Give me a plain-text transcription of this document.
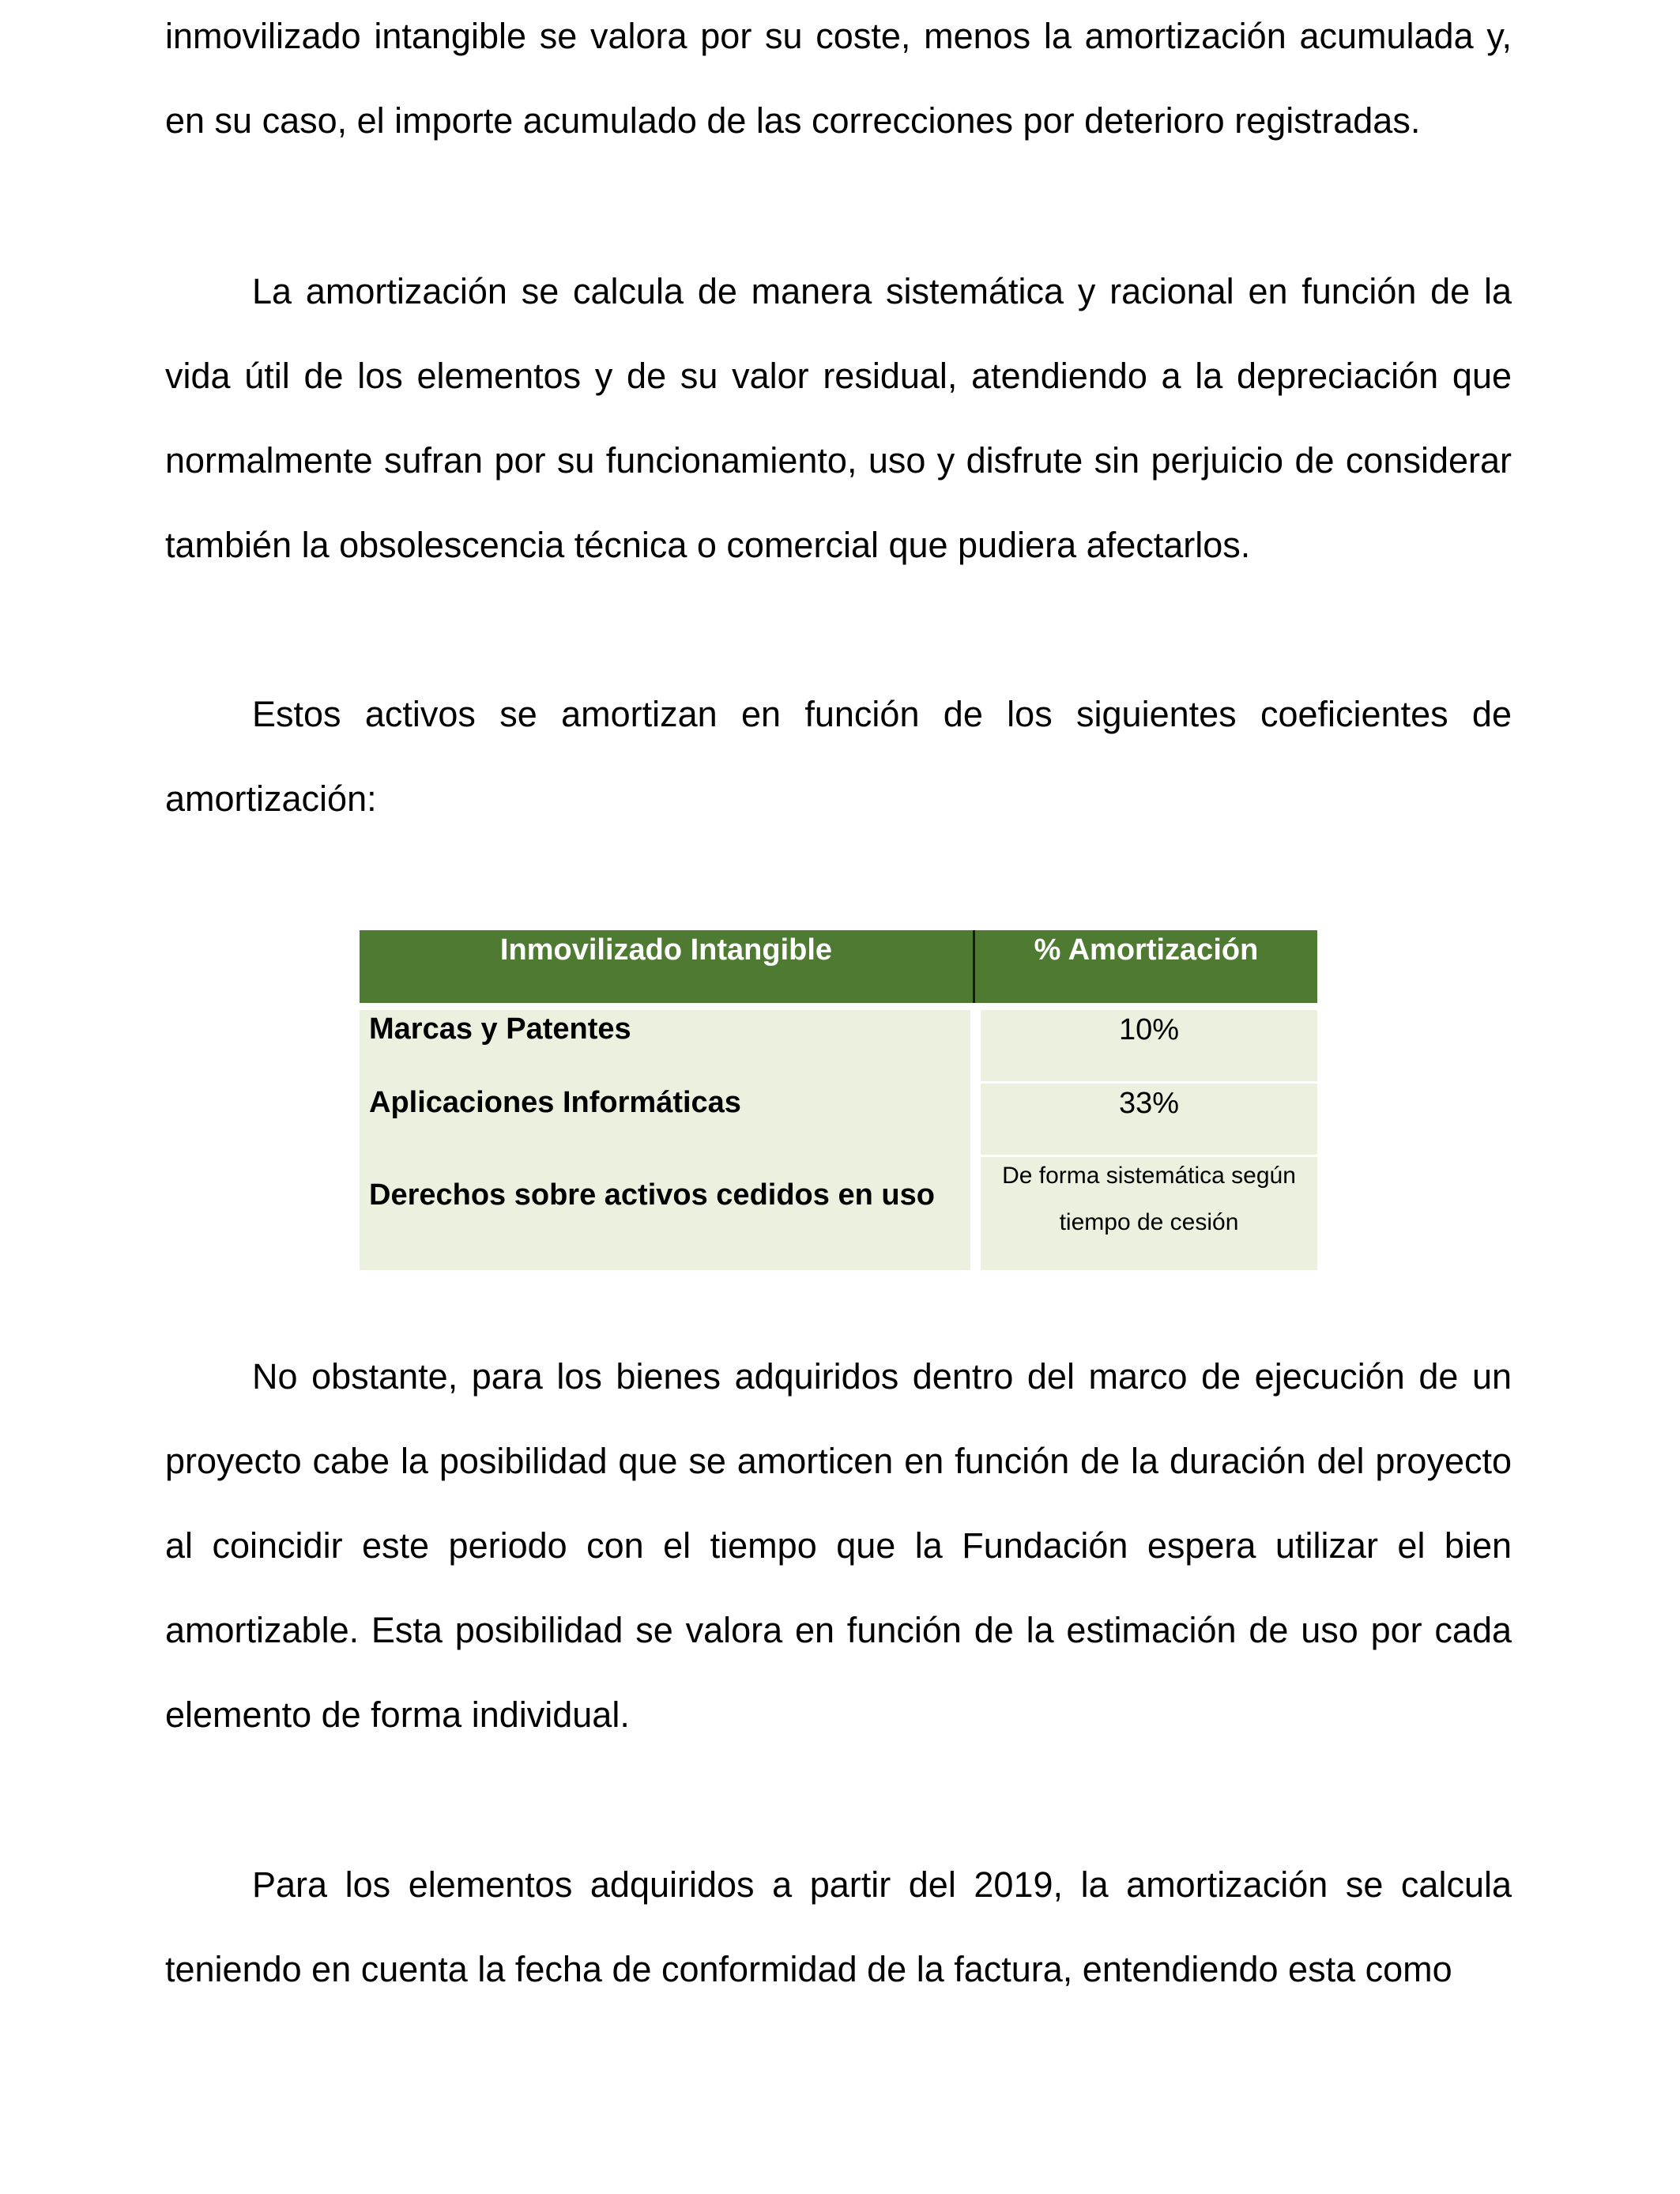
inmovilizado intangible se valora por su coste, menos la amortización acumulada y, en su caso, el importe acumulado de las correcciones por deterioro registradas.

La amortización se calcula de manera sistemática y racional en función de la vida útil de los elementos y de su valor residual, atendiendo a la depreciación que normalmente sufran por su funcionamiento, uso y disfrute sin perjuicio de considerar también la obsolescencia técnica o comercial que pudiera afectarlos.

Estos activos se amortizan en función de los siguientes coeficientes de amortización:

Inmovilizado Intangible	% Amortización
Marcas y Patentes
Aplicaciones Informáticas
Derechos sobre activos cedidos en uso
10%
33%
De forma sistemática según
tiempo de cesión

No obstante, para los bienes adquiridos dentro del marco de ejecución de un proyecto cabe la posibilidad que se amorticen en función de la duración del proyecto al coincidir este periodo con el tiempo que la Fundación espera utilizar el bien amortizable. Esta posibilidad se valora en función de la estimación de uso por cada elemento de forma individual.

Para los elementos adquiridos a partir del 2019, la amortización se calcula teniendo en cuenta la fecha de conformidad de la factura, entendiendo esta como
